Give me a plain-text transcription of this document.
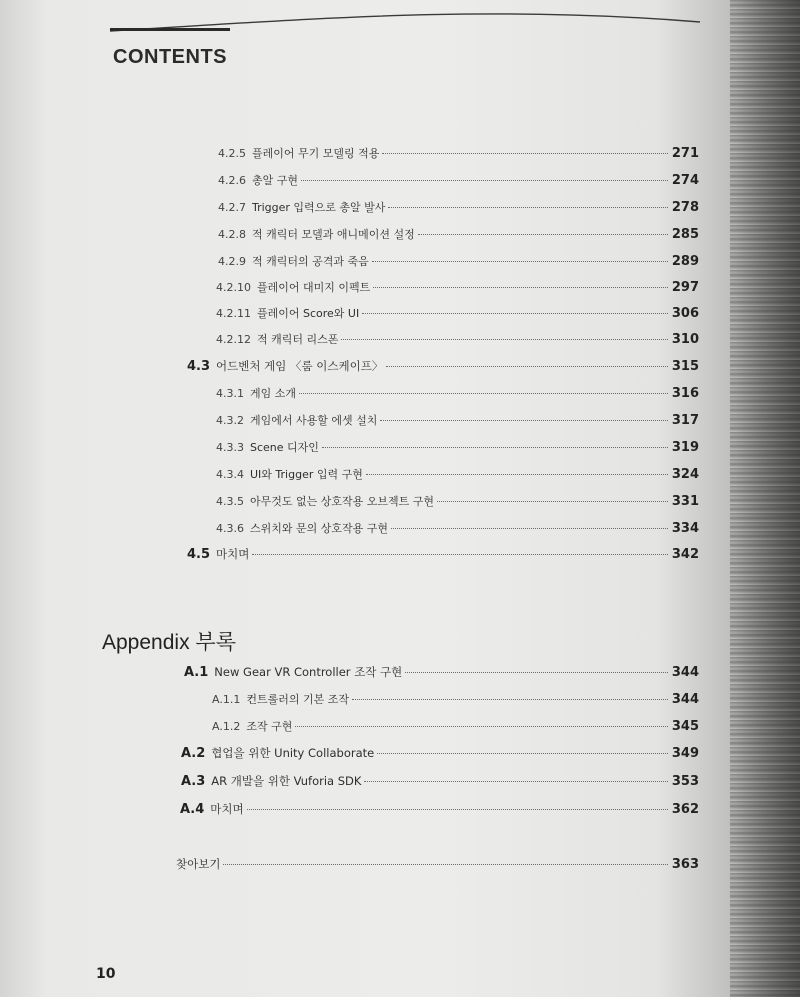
CONTENTS
4.2.5 플레이어 무기 모델링 적용	271
4.2.6 총알 구현	274
4.2.7 Trigger 입력으로 총알 발사	278
4.2.8 적 캐릭터 모델과 애니메이션 설정	285
4.2.9 적 캐릭터의 공격과 죽음	289
4.2.10 플레이어 대미지 이펙트	297
4.2.11 플레이어 Score와 UI	306
4.2.12 적 캐릭터 리스폰	310
4.3 어드벤처 게임 〈룸 이스케이프〉	315
4.3.1 게임 소개	316
4.3.2 게임에서 사용할 에셋 설치	317
4.3.3 Scene 디자인	319
4.3.4 UI와 Trigger 입력 구현	324
4.3.5 아무것도 없는 상호작용 오브젝트 구현	331
4.3.6 스위치와 문의 상호작용 구현	334
4.5 마치며	342
Appendix 부록
A.1 New Gear VR Controller 조작 구현	344
A.1.1 컨트롤러의 기본 조작	344
A.1.2 조작 구현	345
A.2 협업을 위한 Unity Collaborate	349
A.3 AR 개발을 위한 Vuforia SDK	353
A.4 마치며	362
찾아보기	363
10
